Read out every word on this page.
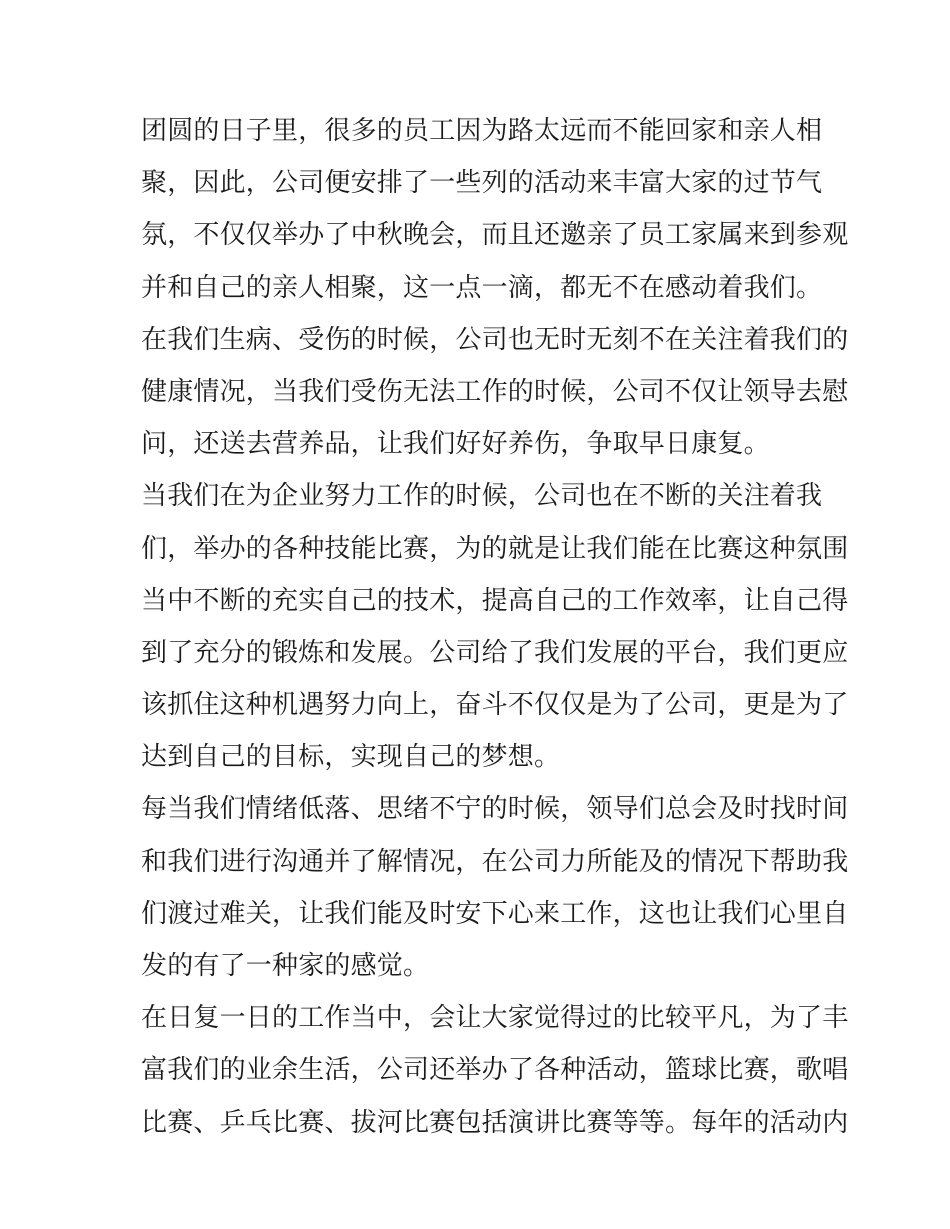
团圆的日子里，很多的员工因为路太远而不能回家和亲人相
聚，因此，公司便安排了一些列的活动来丰富大家的过节气
氛，不仅仅举办了中秋晚会，而且还邀亲了员工家属来到参观
并和自己的亲人相聚，这一点一滴，都无不在感动着我们。
在我们生病、受伤的时候，公司也无时无刻不在关注着我们的
健康情况，当我们受伤无法工作的时候，公司不仅让领导去慰
问，还送去营养品，让我们好好养伤，争取早日康复。
当我们在为企业努力工作的时候，公司也在不断的关注着我
们，举办的各种技能比赛，为的就是让我们能在比赛这种氛围
当中不断的充实自己的技术，提高自己的工作效率，让自己得
到了充分的锻炼和发展。公司给了我们发展的平台，我们更应
该抓住这种机遇努力向上，奋斗不仅仅是为了公司，更是为了
达到自己的目标，实现自己的梦想。
每当我们情绪低落、思绪不宁的时候，领导们总会及时找时间
和我们进行沟通并了解情况，在公司力所能及的情况下帮助我
们渡过难关，让我们能及时安下心来工作，这也让我们心里自
发的有了一种家的感觉。
在日复一日的工作当中，会让大家觉得过的比较平凡，为了丰
富我们的业余生活，公司还举办了各种活动，篮球比赛，歌唱
比赛、乒乓比赛、拔河比赛包括演讲比赛等等。每年的活动内
